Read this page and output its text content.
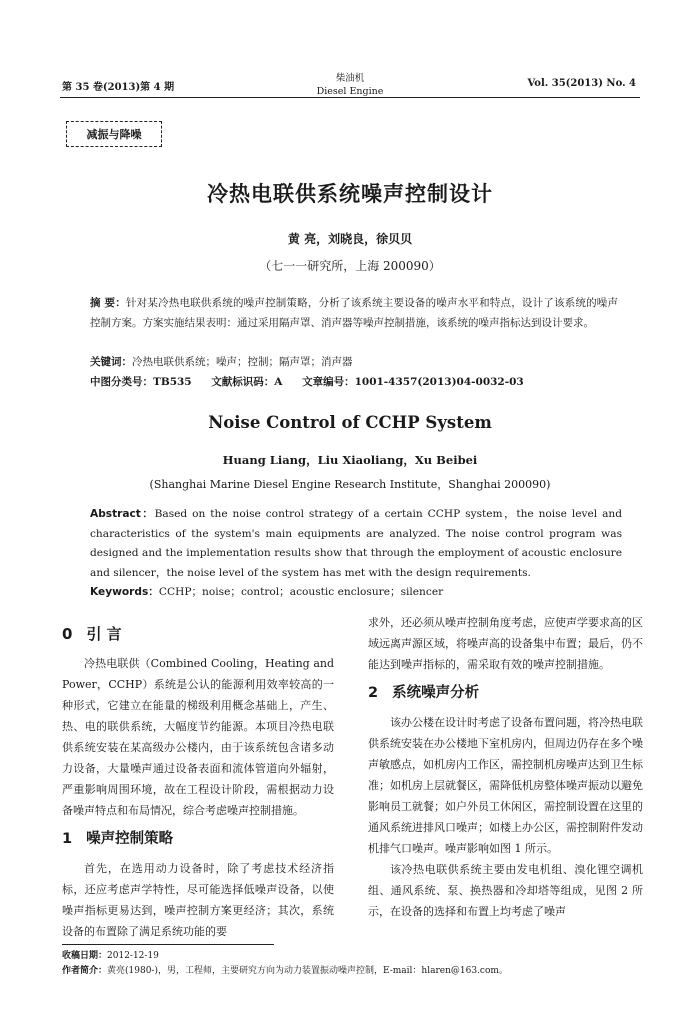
第 35 卷(2013)第 4 期
柴油机
Diesel Engine
Vol. 35(2013) No. 4
减振与降噪
冷热电联供系统噪声控制设计
黄 亮，刘晓良，徐贝贝
（七一一研究所，上海 200090）
摘 要：针对某冷热电联供系统的噪声控制策略，分析了该系统主要设备的噪声水平和特点，设计了该系统的噪声控制方案。方案实施结果表明：通过采用隔声罩、消声器等噪声控制措施，该系统的噪声指标达到设计要求。
关键词：冷热电联供系统；噪声；控制；隔声罩；消声器
中图分类号：TB535 文献标识码：A 文章编号：1001-4357(2013)04-0032-03
Noise Control of CCHP System
Huang Liang，Liu Xiaoliang，Xu Beibei
(Shanghai Marine Diesel Engine Research Institute，Shanghai 200090)
Abstract：Based on the noise control strategy of a certain CCHP system，the noise level and characteristics of the system's main equipments are analyzed. The noise control program was designed and the implementation results show that through the employment of acoustic enclosure and silencer，the noise level of the system has met with the design requirements.
Keywords：CCHP；noise；control；acoustic enclosure；silencer
0 引 言

冷热电联供（Combined Cooling，Heating and Power，CCHP）系统是公认的能源利用效率较高的一种形式，它建立在能量的梯级利用概念基础上，产生、热、电的联供系统，大幅度节约能源。本项目冷热电联供系统安装在某高级办公楼内，由于该系统包含诸多动力设备，大量噪声通过设备表面和流体管道向外辐射，严重影响周围环境，故在工程设计阶段，需根据动力设备噪声特点和布局情况，综合考虑噪声控制措施。

1 噪声控制策略

首先，在选用动力设备时，除了考虑技术经济指标，还应考虑声学特性，尽可能选择低噪声设备，以使噪声指标更易达到，噪声控制方案更经济；其次，系统设备的布置除了满足系统功能的要

求外，还必须从噪声控制角度考虑，应使声学要求高的区域远离声源区域，将噪声高的设备集中布置；最后，仍不能达到噪声指标的，需采取有效的噪声控制措施。

2 系统噪声分析

该办公楼在设计时考虑了设备布置问题，将冷热电联供系统安装在办公楼地下室机房内，但周边仍存在多个噪声敏感点，如机房内工作区，需控制机房噪声达到卫生标准；如机房上层就餐区，需降低机房整体噪声振动以避免影响员工就餐；如户外员工休闲区，需控制设置在这里的通风系统进排风口噪声；如楼上办公区，需控制附件发动机排气口噪声。噪声影响如图 1 所示。

该冷热电联供系统主要由发电机组、溴化锂空调机组、通风系统、泵、换热器和冷却塔等组成，见图 2 所示，在设备的选择和布置上均考虑了噪声

收稿日期：2012-12-19
作者简介：黄亮(1980-)，男，工程师，主要研究方向为动力装置振动噪声控制，E-mail：hlaren@163.com。
